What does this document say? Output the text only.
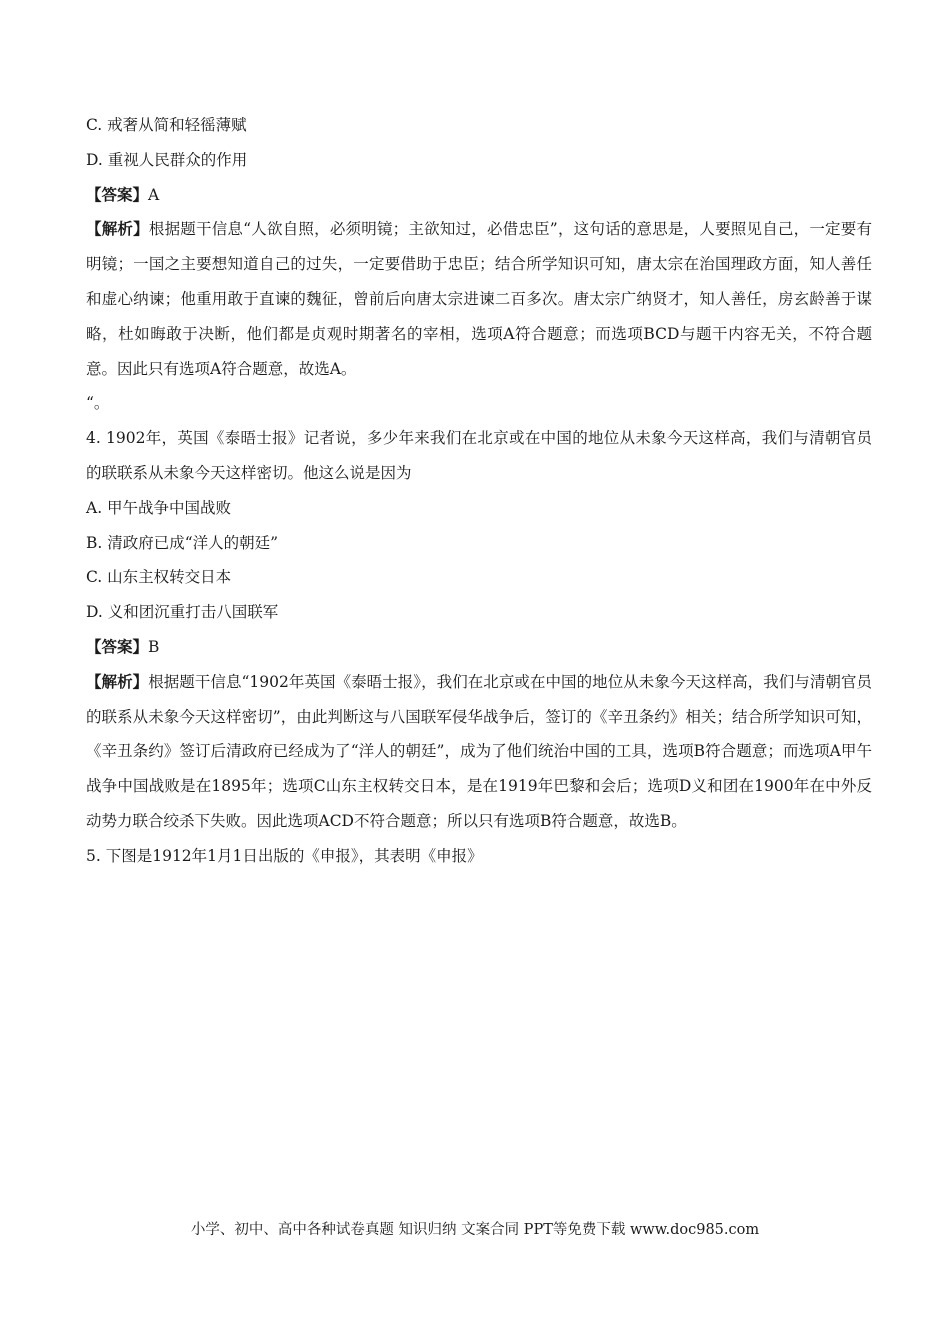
C. 戒奢从简和轻徭薄赋

D. 重视人民群众的作用

【答案】A

【解析】根据题干信息“人欲自照，必须明镜；主欲知过，必借忠臣”，这句话的意思是，人要照见自己，一定要有明镜；一国之主要想知道自己的过失，一定要借助于忠臣；结合所学知识可知，唐太宗在治国理政方面，知人善任和虚心纳谏；他重用敢于直谏的魏征，曾前后向唐太宗进谏二百多次。唐太宗广纳贤才，知人善任，房玄龄善于谋略，杜如晦敢于决断，他们都是贞观时期著名的宰相，选项A符合题意；而选项BCD与题干内容无关，不符合题意。因此只有选项A符合题意，故选A。

“。

4. 1902年，英国《泰晤士报》记者说，多少年来我们在北京或在中国的地位从未象今天这样高，我们与清朝官员的联联系从未象今天这样密切。他这么说是因为

A. 甲午战争中国战败

B. 清政府已成“洋人的朝廷”

C. 山东主权转交日本

D. 义和团沉重打击八国联军

【答案】B

【解析】根据题干信息“1902年英国《泰晤士报》，我们在北京或在中国的地位从未象今天这样高，我们与清朝官员的联系从未象今天这样密切”，由此判断这与八国联军侵华战争后，签订的《辛丑条约》相关；结合所学知识可知，《辛丑条约》签订后清政府已经成为了“洋人的朝廷”，成为了他们统治中国的工具，选项B符合题意；而选项A甲午战争中国战败是在1895年；选项C山东主权转交日本，是在1919年巴黎和会后；选项D义和团在1900年在中外反动势力联合绞杀下失败。因此选项ACD不符合题意；所以只有选项B符合题意，故选B。

5. 下图是1912年1月1日出版的《申报》，其表明《申报》

小学、初中、高中各种试卷真题 知识归纳 文案合同 PPT等免费下载 www.doc985.com
